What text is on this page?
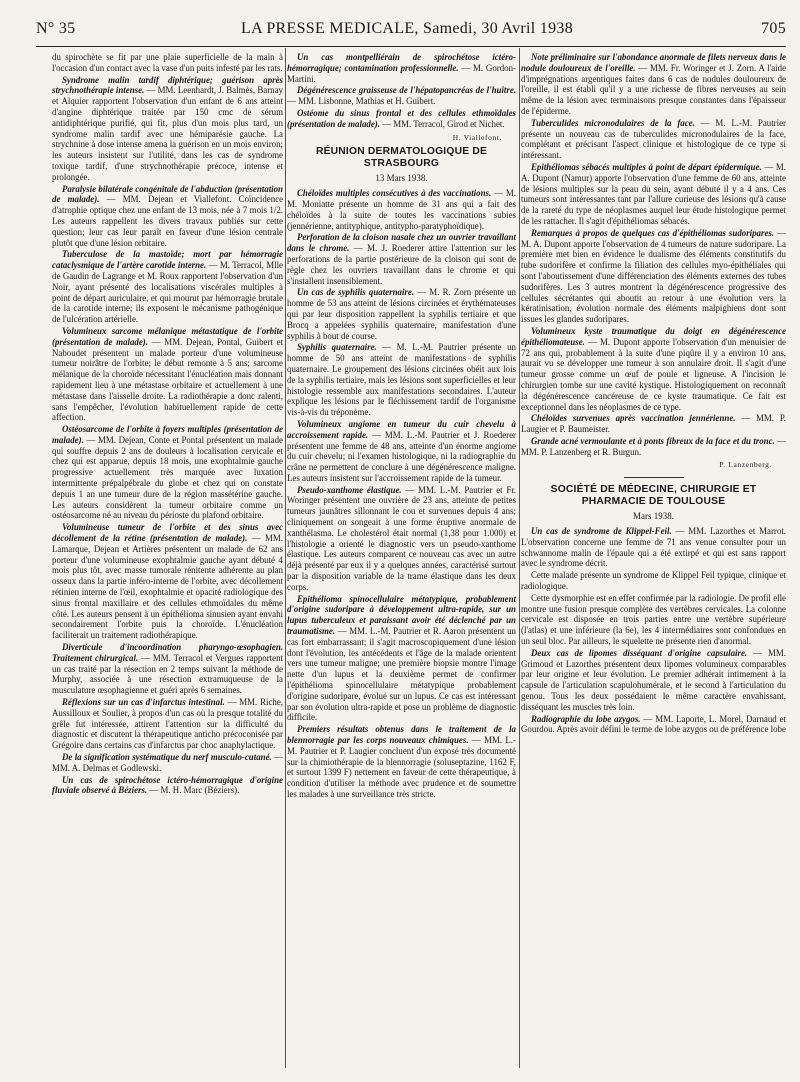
N° 35	LA PRESSE MEDICALE, Samedi, 30 Avril 1938	705

du spirochète se fit par une plaie superficielle de la main à l'occasion d'un contact avec la vase d'un puits infesté par les rats.

Syndrome malin tardif diphtérique; guérison après strychnothérapie intense. — MM. Leenhardt, J. Balmès, Barnay et Alquier rapportent l'observation d'un enfant de 6 ans atteint d'angine diphtérique traitée par 150 cmc de sérum antidiphtérique purifié, qui fit, plus d'un mois plus tard, un syndrome malin tardif avec une hémiparésie gauche. La strychnine à dose intense amena la guérison en un mois environ; les auteurs insistent sur l'utilité, dans les cas de syndrome toxique tardif, d'une strychnothérapie précoce, intense et prolongée.

Paralysie bilatérale congénitale de l'abduction (présentation de malade). — MM. Dejean et Viallefont. Coïncidence d'atrophie optique chez une enfant de 13 mois, née à 7 mois 1/2. Les auteurs rappellent les divers travaux publiés sur cette question; leur cas leur paraît en faveur d'une lésion centrale plutôt que d'une lésion orbitaire.

Tuberculose de la mastoïde; mort par hémorragie cataclysmique de l'artère carotide interne. — M. Terracol, Mlle de Gaudin de Lagrange et M. Roux rapportent l'observation d'un Noir, ayant présenté des localisations viscérales multiples à point de départ auriculaire, et qui mourut par hémorragie brutale de la carotide interne; ils exposent le mécanisme pathogénique de l'ulcération artérielle.

Volumineux sarcome mélanique métastatique de l'orbite (présentation de malade). — MM. Dejean, Pontal, Guibert et Naboudet présentent un malade porteur d'une volumineuse tumeur noirâtre de l'orbite; le début remonte à 5 ans; sarcome mélanique de la choroïde nécessitant l'énucléation mais donnant rapidement lieu à une métastase orbitaire et actuellement à une métastase dans l'aisselle droite. La radiothérapie a donc ralenti, sans l'empêcher, l'évolution habituellement rapide de cette affection.

Ostéosarcome de l'orbite à foyers multiples (présentation de malade). — MM. Dejean, Conte et Pontal présentent un malade qui souffre depuis 2 ans de douleurs à localisation cervicale et chez qui est apparue, depuis 18 mois, une exophtalmie gauche progressive actuellement très marquée avec luxation intermittente prépalpébrale du globe et chez qui on constate depuis 1 an une tumeur dure de la région massétérine gauche. Les auteurs considèrent la tumeur orbitaire comme un ostéosarcome né au niveau du périoste du plafond orbitaire.

Volumineuse tumeur de l'orbite et des sinus avec décollement de la rétine (présentation de malade). — MM. Lamarque, Dejean et Artières présentent un malade de 62 ans porteur d'une volumineuse exophtalmie gauche ayant débuté 4 mois plus tôt, avec masse tumorale rénitente adhérente au plan osseux dans la partie inféro-interne de l'orbite, avec décollement rétinien interne de l'œil, exophtalmie et opacité radiologique des sinus frontal maxillaire et des cellules ethmoïdales du même côté. Les auteurs pensent à un épithélioma sinusien ayant envahi secondairement l'orbite puis la choroïde. L'énucléation faciliterait un traitement radiothérapique.

Diverticule d'incoordination pharyngo-œsophagien. Traitement chirurgical. — MM. Terracol et Vergues rapportent un cas traité par la résection en 2 temps suivant la méthode de Murphy, associée à une résection extramuqueuse de la musculature œsophagienne et guéri après 6 semaines.

Réflexions sur un cas d'infarctus intestinal. — MM. Riche, Aussilloux et Soulier, à propos d'un cas où la presque totalité du grêle fut intéressée, attirent l'attention sur la difficulté du diagnostic et discutent la thérapeutique anticho précoconisée par Grégoire dans certains cas d'infarctus par choc anaphylactique.

De la signification systématique du nerf musculo-cutané. — MM. A. Delmas et Godlewski.

Un cas de spirochétose ictéro-hémorragique d'origine fluviale observé à Béziers. — M. H. Marc (Béziers).

Un cas montpelliérain de spirochétose ictéro-hémorragique; contamination professionnelle. — M. Gordon-Martini.

Dégénérescence graisseuse de l'hépatopancréas de l'huître. — MM. Lisbonne, Mathias et H. Guibert.

Ostéome du sinus frontal et des cellules ethmoïdales (présentation de malade). — MM. Terracol, Girod et Nichet.

H. Viallefont.

RÉUNION DERMATOLOGIQUE DE STRASBOURG

13 Mars 1938.

Chéloïdes multiples consécutives à des vaccinations. — M. M. Moniatte présente un homme de 31 ans qui a fait des chéloïdes à la suite de toutes les vaccinations subies (jennérienne, antityphique, antitypho-paratyphoïdique).

Perforation de la cloison nasale chez un ouvrier travaillant dans le chrome. — M. J. Roederer attire l'attention sur les perforations de la partie postérieure de la cloison qui sont de règle chez les ouvriers travaillant dans le chrome et qui s'installent insensiblement.

Un cas de syphilis quaternaire. — M. R. Zorn présente un homme de 53 ans atteint de lésions circinées et érythémateuses qui par leur disposition rappellent la syphilis tertiaire et que Brocq a appelées syphilis quaternaire, manifestation d'une syphilis à bout de course.

Syphilis quaternaire. — M. L.-M. Pautrier présente un homme de 50 ans atteint de manifestations de syphilis quaternaire. Le groupement des lésions circinées obéit aux lois de la syphilis tertiaire, mais les lésions sont superficielles et leur histologie ressemble aux manifestations secondaires. L'auteur explique les lésions par le fléchissement tardif de l'organisme vis-à-vis du tréponème.

Volumineux angiome en tumeur du cuir chevelu à accroissement rapide. — MM. L.-M. Pautrier et J. Roederer présentent une femme de 48 ans, atteinte d'un énorme angiome du cuir chevelu; ni l'examen histologique, ni la radiographie du crâne ne permettent de conclure à une dégénérescence maligne. Les auteurs insistent sur l'accroissement rapide de la tumeur.

Pseudo-xanthome élastique. — MM. L.-M. Pautrier et Fr. Woringer présentent une ouvrière de 23 ans, atteinte de petites tumeurs jaunâtres sillonnant le cou et survenues depuis 4 ans; cliniquement on songeait à une forme éruptive anormale de xanthélasma. Le cholestérol était normal (1,38 pour 1.000) et l'histologie a orienté le diagnostic vers un pseudo-xanthome élastique. Les auteurs comparent ce nouveau cas avec un autre déjà présenté par eux il y a quelques années, caractérisé surtout par la disposition variable de la trame élastique dans les deux corps.

Epithélioma spinocellulaire métatypique, probablement d'origine sudoripare à développement ultra-rapide, sur un lupus tuberculeux et paraissant avoir été déclenché par un traumatisme. — MM. L.-M. Pautrier et R. Aaron présentent un cas fort embarrassant; il s'agit macroscopiquement d'une lésion dont l'évolution, les antécédents et l'âge de la malade orientent vers une tumeur maligne; une première biopsie montre l'image nette d'un lupus et la deuxième permet de confirmer l'épithélioma spinocellulaire métatypique probablement d'origine sudoripare, évolué sur un lupus. Ce cas est intéressant par son évolution ultra-rapide et pose un problème de diagnostic difficile.

Premiers résultats obtenus dans le traitement de la blennorragie par les corps nouveaux chimiques. — MM. L.-M. Pautrier et P. Laugier concluent d'un exposé très documenté sur la chimiothérapie de la blennorragie (soluseptazine, 1162 F, et surtout 1399 F) nettement en faveur de cette thérapeutique, à condition d'utiliser la méthode avec prudence et de soumettre les malades à une surveillance très stricte.

Note préliminaire sur l'abondance anormale de filets nerveux dans le nodule douloureux de l'oreille. — MM. Fr. Woringer et J. Zorn. A l'aide d'imprégnations argentiques faites dans 6 cas de nodules douloureux de l'oreille, il est établi qu'il y a une richesse de fibres nerveuses au sein même de la lésion avec terminaisons presque constantes dans l'épaisseur de l'épiderme.

Tuberculides micronodulaires de la face. — M. L.-M. Pautrier présente un nouveau cas de tuberculides micronodulaires de la face, complétant et précisant l'aspect clinique et histologique de ce type si intéressant.

Epithéliomas sébacés multiples à point de départ épidermique. — M. A. Dupont (Namur) apporte l'observation d'une femme de 60 ans, atteinte de lésions multiples sur la peau du sein, ayant débuté il y a 4 ans. Ces tumeurs sont intéressantes tant par l'allure curieuse des lésions qu'à cause de la rareté du type de néoplasmes auquel leur étude histologique permet de les rattacher. Il s'agit d'épithéliomas sébacés.

Remarques à propos de quelques cas d'épithéliomas sudoripares. — M. A. Dupont apporte l'observation de 4 tumeurs de nature sudoripare. La première met bien en évidence le dualisme des éléments constitutifs du tube sudorifère et confirme la filiation des cellules myo-épithéliales qui sont l'aboutissement d'une différenciation des éléments externes des tubes sudorifères. Les 3 autres montrent la dégénérescence progressive des cellules sécrétantes qui aboutit au retour à une évolution vers la kératinisation, évolution normale des éléments malpighiens dont sont issues les glandes sudoripares.

Volumineux kyste traumatique du doigt en dégénérescence épithéliomateuse. — M. Dupont apporte l'observation d'un menuisier de 72 ans qui, probablement à la suite d'une piqûre il y a environ 10 ans, aurait vu se développer une tumeur à son annulaire droit. Il s'agit d'une tumeur grosse comme un œuf de poule et ligneuse. A l'incision le chirurgien tombe sur une cavité kystique. Histologiquement on reconnaît la dégénérescence cancéreuse de ce kyste traumatique. Ce fait est exceptionnel dans les néoplasmes de ce type.

Chéloïdes survenues après vaccination jennérienne. — MM. P. Laugier et P. Baumeister.

Grande acné vermoulante et à ponts fibreux de la face et du tronc. — MM. P. Lanzenberg et R. Burgun.

P. Lanzenberg.

SOCIÉTÉ DE MÉDECINE, CHIRURGIE ET PHARMACIE DE TOULOUSE

Mars 1938.

Un cas de syndrome de Klippel-Feil. — MM. Lazorthes et Marrot. L'observation concerne une femme de 71 ans venue consulter pour un schwannome malin de l'épaule qui a été extirpé et qui est sans rapport avec le syndrome décrit.

Cette malade présente un syndrome de Klippel Feil typique, clinique et radiologique.

Cette dysmorphie est en effet confirmée par la radiologie. De profil elle montre une fusion presque complète des vertèbres cervicales. La colonne cervicale est disposée en trois parties entre une vertèbre supérieure (l'atlas) et une inférieure (la 6e), les 4 intermédiaires sont confondues en un seul bloc. Par ailleurs, le squelette ne présente rien d'anormal.

Deux cas de lipomes disséquant d'origine capsulaire. — MM. Grimoud et Lazorthes présentent deux lipomes volumineux comparables par leur origine et leur évolution. Le premier adhérait intimement à la capsule de l'articulation scapulohumérale, et le second à l'articulation du genou. Tous les deux possédaient le même caractère envahissant, disséquant les muscles très loin.

Radiographie du lobe azygos. — MM. Laporte, L. Morel, Darnaud et Gourdou. Après avoir défini le terme de lobe azygos ou de préférence lobe
